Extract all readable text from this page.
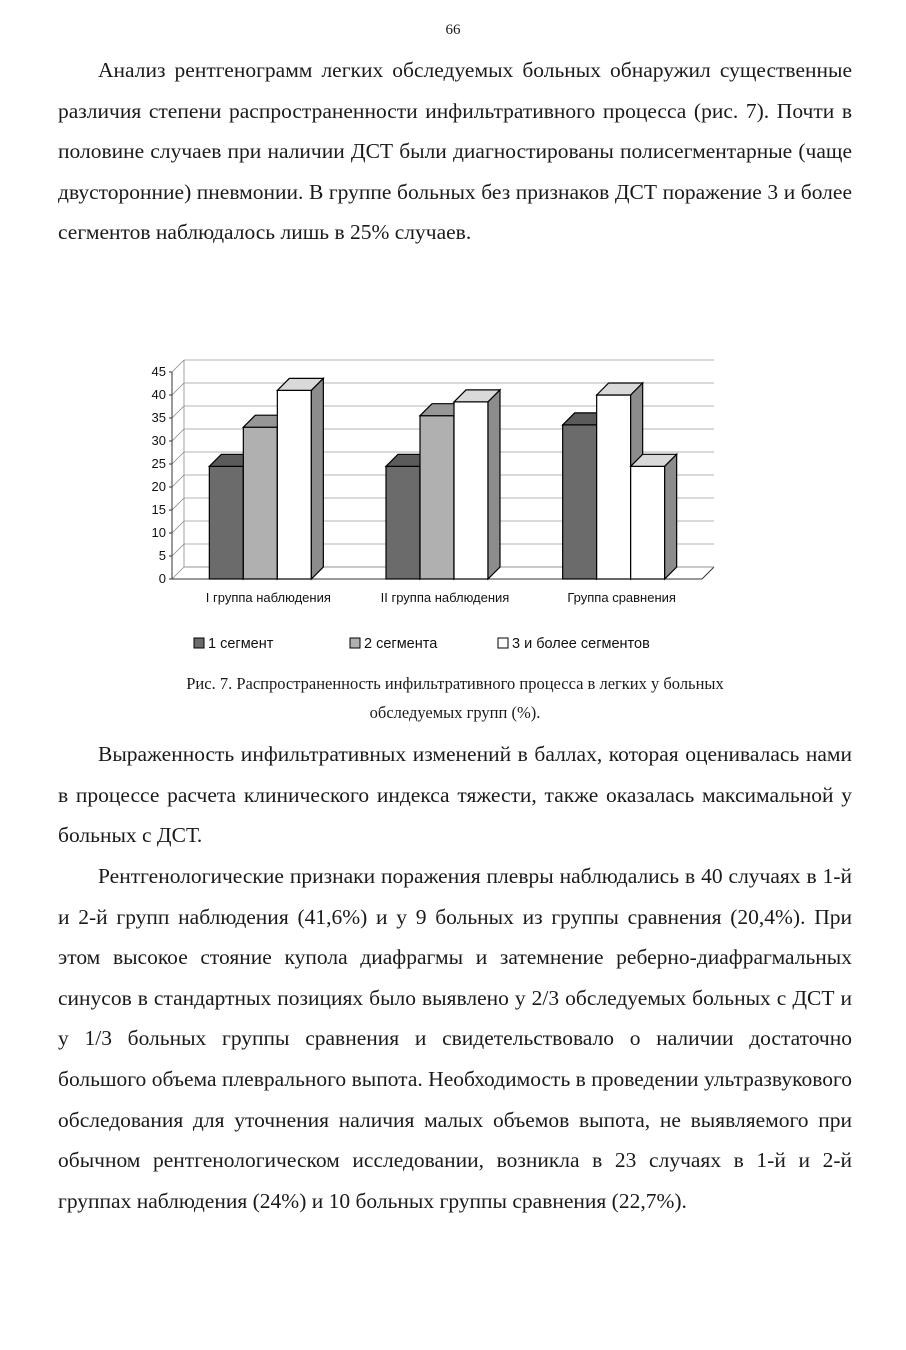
66

Анализ рентгенограмм легких обследуемых больных обнаружил существенные различия степени распространенности инфильтративного процесса (рис. 7). Почти в половине случаев при наличии ДСТ были диагностированы полисегментарные (чаще двусторонние) пневмонии. В группе больных без признаков ДСТ поражение 3 и более сегментов наблюдалось лишь в 25% случаев.

0
5
10
15
20
25
30
35
40
45
I группа наблюдения	II группа наблюдения	Группа сравнения
1 сегмент	2 сегмента	3 и более сегментов

Рис. 7. Распространенность инфильтративного процесса в легких у больных
обследуемых групп (%).

Выраженность инфильтративных изменений в баллах, которая оценивалась нами в процессе расчета клинического индекса тяжести, также оказалась максимальной у больных с ДСТ.

Рентгенологические признаки поражения плевры наблюдались в 40 случаях в 1-й и 2-й групп наблюдения (41,6%) и у 9 больных из группы сравнения (20,4%). При этом высокое стояние купола диафрагмы и затемнение реберно-диафрагмальных синусов в стандартных позициях было выявлено у 2/3 обследуемых больных с ДСТ и у 1/3 больных группы сравнения и свидетельствовало о наличии достаточно большого объема плеврального выпота. Необходимость в проведении ультразвукового обследования для уточнения наличия малых объемов выпота, не выявляемого при обычном рентгенологическом исследовании, возникла в 23 случаях в 1-й и 2-й группах наблюдения (24%) и 10 больных группы сравнения (22,7%).
